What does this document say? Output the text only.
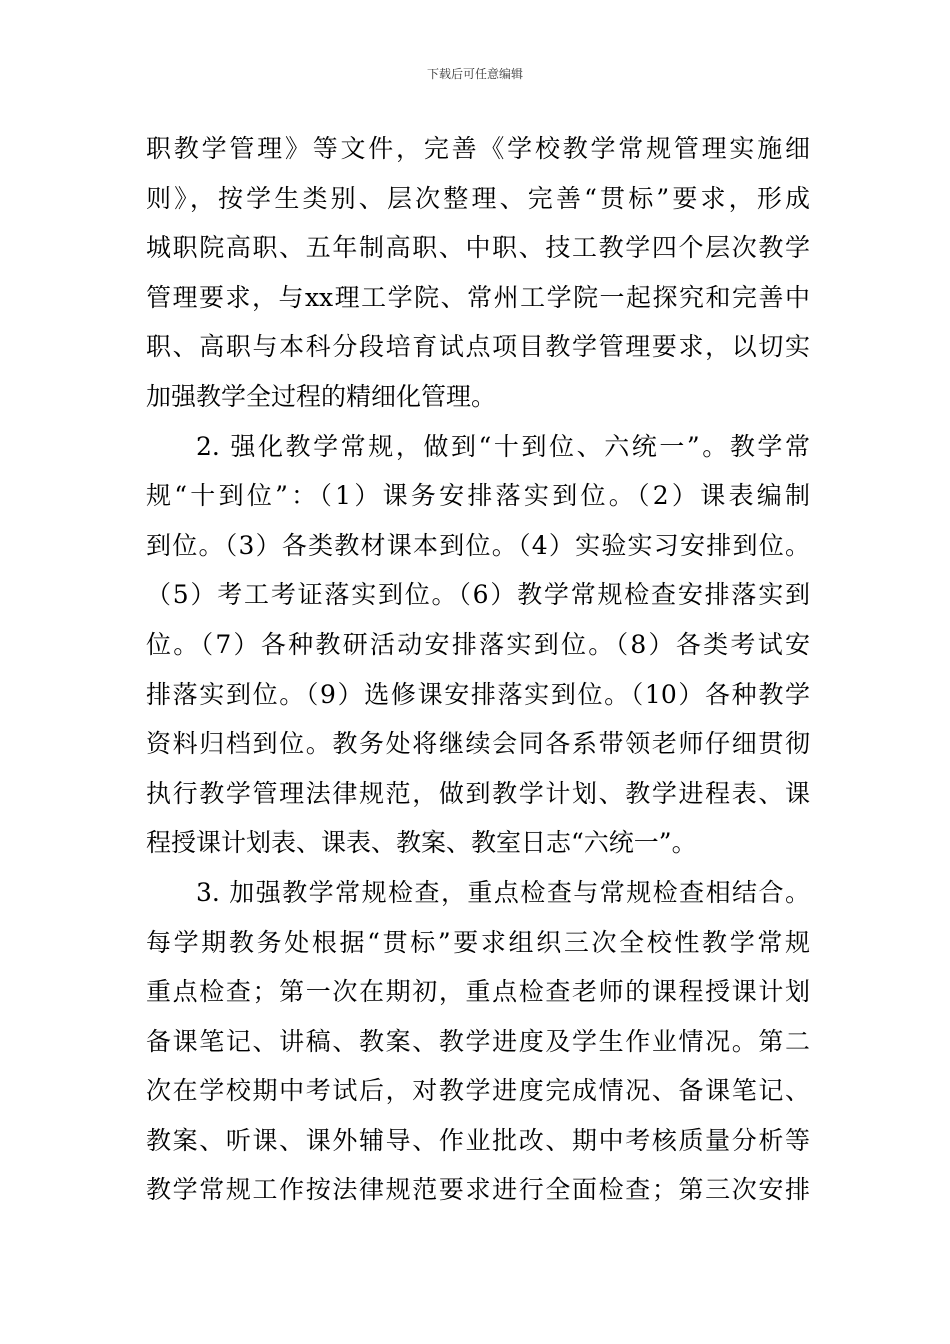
下载后可任意编辑
职教学管理》等文件，完善《学校教学常规管理实施细
则》，按学生类别、层次整理、完善“贯标”要求，形成
城职院高职、五年制高职、中职、技工教学四个层次教学
管理要求，与xx理工学院、常州工学院一起探究和完善中
职、高职与本科分段培育试点项目教学管理要求，以切实
加强教学全过程的精细化管理。
2. 强化教学常规，做到“十到位、六统一”。教学常
规“十到位”：（1）课务安排落实到位。（2）课表编制
到位。（3）各类教材课本到位。（4）实验实习安排到位。
（5）考工考证落实到位。（6）教学常规检查安排落实到
位。（7）各种教研活动安排落实到位。（8）各类考试安
排落实到位。（9）选修课安排落实到位。（10）各种教学
资料归档到位。教务处将继续会同各系带领老师仔细贯彻
执行教学管理法律规范，做到教学计划、教学进程表、课
程授课计划表、课表、教案、教室日志“六统一”。
3. 加强教学常规检查，重点检查与常规检查相结合。
每学期教务处根据“贯标”要求组织三次全校性教学常规
重点检查；第一次在期初，重点检查老师的课程授课计划
备课笔记、讲稿、教案、教学进度及学生作业情况。第二
次在学校期中考试后，对教学进度完成情况、备课笔记、
教案、听课、课外辅导、作业批改、期中考核质量分析等
教学常规工作按法律规范要求进行全面检查；第三次安排
